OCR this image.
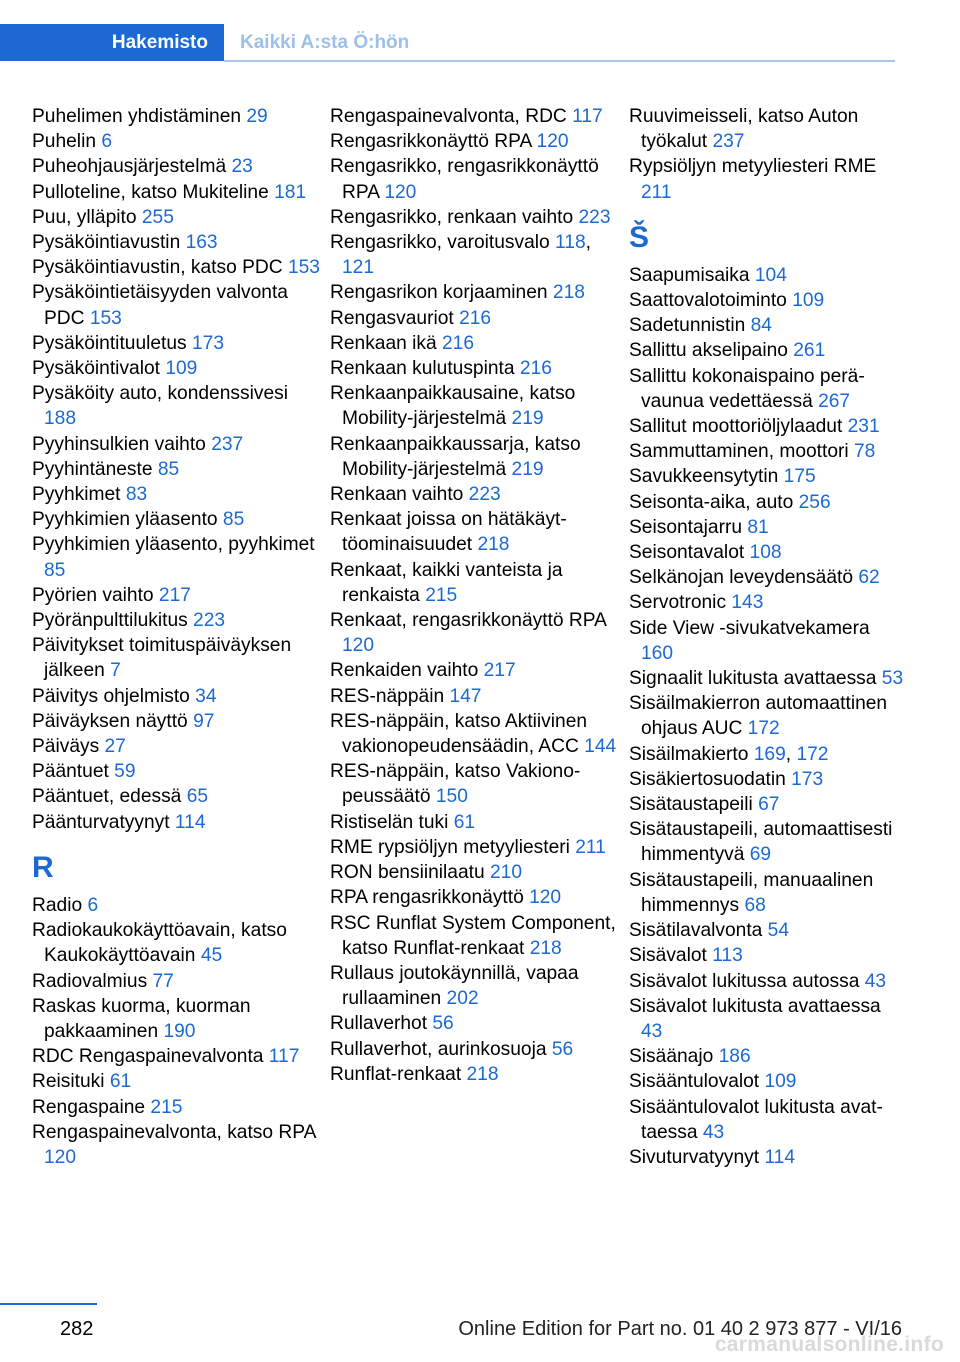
Hakemisto	Kaikki A:sta Ö:hön

Puhelimen yhdistäminen 29

Puhelin 6

Puheohjausjärjestelmä 23

Pulloteline, katso Mukiteline 181

Puu, ylläpito 255

Pysäköintiavustin 163

Pysäköintiavustin, katso PDC 153

Pysäköintietäisyyden valvonta PDC 153

Pysäköintituuletus 173

Pysäköintivalot 109

Pysäköity auto, kondenssivesi 188

Pyyhinsulkien vaihto 237

Pyyhintäneste 85

Pyyhkimet 83

Pyyhkimien yläasento 85

Pyyhkimien yläasento, pyyhkimet 85

Pyörien vaihto 217

Pyöränpulttilukitus 223

Päivitykset toimituspäiväyksen jälkeen 7

Päivitys ohjelmisto 34

Päiväyksen näyttö 97

Päiväys 27

Pääntuet 59

Pääntuet, edessä 65

Päänturvatyynyt 114

R

Radio 6

Radiokaukokäyttöavain, katso Kaukokäyttöavain 45

Radiovalmius 77

Raskas kuorma, kuorman pakkaaminen 190

RDC Rengaspainevalvonta 117

Reisituki 61

Rengaspaine 215

Rengaspainevalvonta, katso RPA 120

Rengaspainevalvonta, RDC 117

Rengasrikkonäyttö RPA 120

Rengasrikko, rengasrikkonäyttö RPA 120

Rengasrikko, renkaan vaihto 223

Rengasrikko, varoitusvalo 118, 121

Rengasrikon korjaaminen 218

Rengasvauriot 216

Renkaan ikä 216

Renkaan kulutuspinta 216

Renkaanpaikkausaine, katso Mobility-järjestelmä 219

Renkaanpaikkaussarja, katso Mobility-järjestelmä 219

Renkaan vaihto 223

Renkaat joissa on hätäkäyttöominaisuudet 218

Renkaat, kaikki vanteista ja renkaista 215

Renkaat, rengasrikkonäyttö RPA 120

Renkaiden vaihto 217

RES-näppäin 147

RES-näppäin, katso Aktiivinen vakionopeudensäädin, ACC 144

RES-näppäin, katso Vakionopeussäätö 150

Ristiselän tuki 61

RME rypsiöljyn metyyliesteri 211

RON bensiinilaatu 210

RPA rengasrikkonäyttö 120

RSC Runflat System Component, katso Runflat-renkaat 218

Rullaus joutokäynnillä, vapaa rullaaminen 202

Rullaverhot 56

Rullaverhot, aurinkosuoja 56

Runflat-renkaat 218

Ruuvimeisseli, katso Auton työkalut 237

Rypsiöljyn metyyliesteri RME 211

Š

Saapumisaika 104

Saattovalotoiminto 109

Sadetunnistin 84

Sallittu akselipaino 261

Sallittu kokonaispaino perävaunua vedettäessä 267

Sallitut moottoriöljylaadut 231

Sammuttaminen, moottori 78

Savukkeensytytin 175

Seisonta-aika, auto 256

Seisontajarru 81

Seisontavalot 108

Selkänojan leveydensäätö 62

Servotronic 143

Side View -sivukatvekamera 160

Signaalit lukitusta avattaessa 53

Sisäilmakierron automaattinen ohjaus AUC 172

Sisäilmakierto 169, 172

Sisäkiertosuodatin 173

Sisätaustapeili 67

Sisätaustapeili, automaattisesti himmentyvä 69

Sisätaustapeili, manuaalinen himmennys 68

Sisätilavalvonta 54

Sisävalot 113

Sisävalot lukitussa autossa 43

Sisävalot lukitusta avattaessa 43

Sisäänajo 186

Sisääntulovalot 109

Sisääntulovalot lukitusta avattaessa 43

Sivuturvatyynyt 114

282	Online Edition for Part no. 01 40 2 973 877 - VI/16
carmanualsonline.info
